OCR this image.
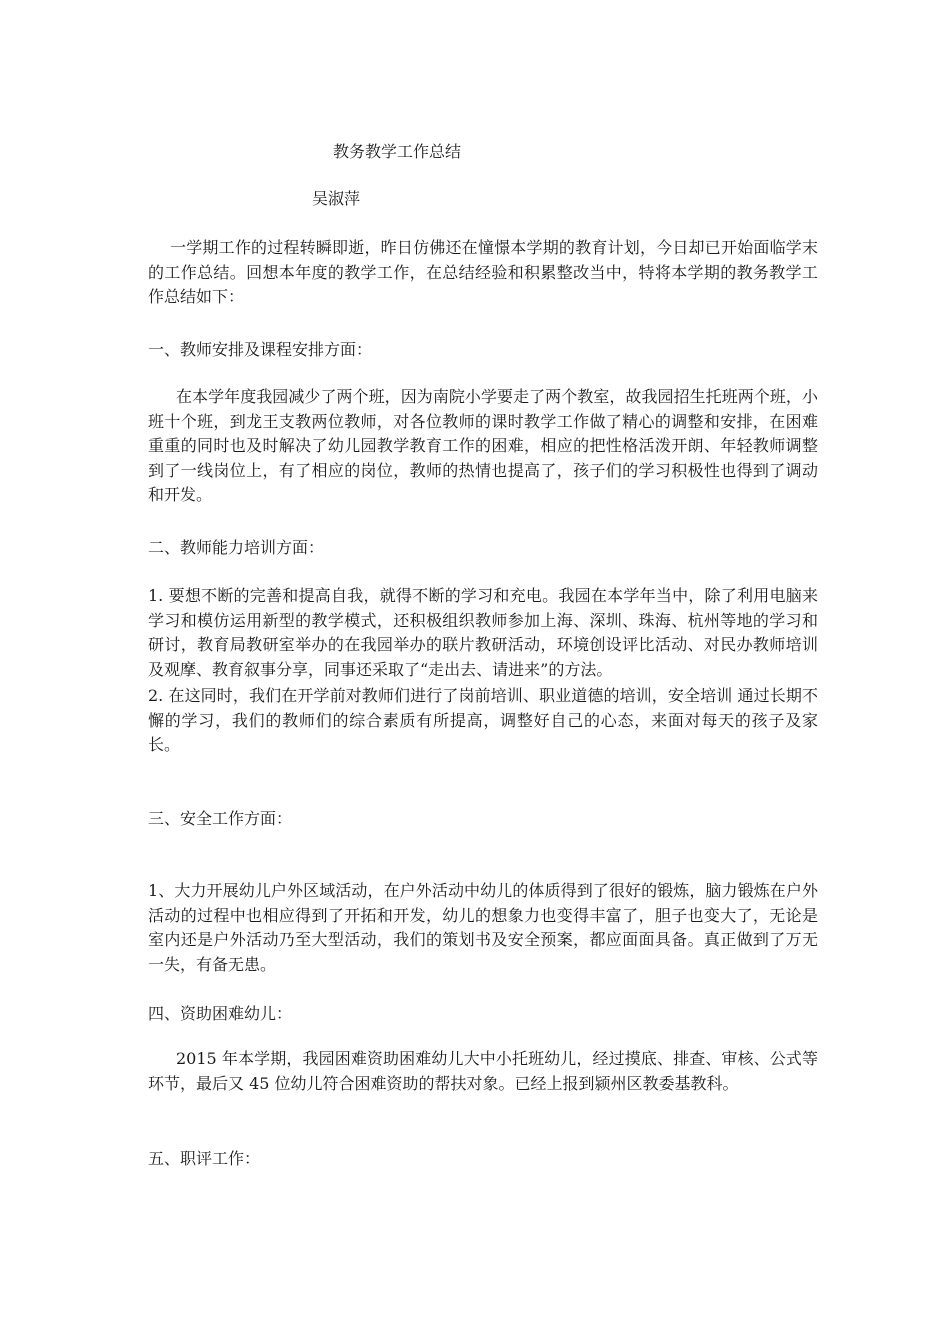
教务教学工作总结
吴淑萍
一学期工作的过程转瞬即逝，昨日仿佛还在憧憬本学期的教育计划，今日却已开始面临学末的工作总结。回想本年度的教学工作，在总结经验和积累整改当中，特将本学期的教务教学工作总结如下：
一、教师安排及课程安排方面：
在本学年度我园减少了两个班，因为南院小学要走了两个教室，故我园招生托班两个班，小班十个班，到龙王支教两位教师，对各位教师的课时教学工作做了精心的调整和安排，在困难重重的同时也及时解决了幼儿园教学教育工作的困难，相应的把性格活泼开朗、年轻教师调整到了一线岗位上，有了相应的岗位，教师的热情也提高了，孩子们的学习积极性也得到了调动和开发。
二、教师能力培训方面：
1. 要想不断的完善和提高自我，就得不断的学习和充电。我园在本学年当中，除了利用电脑来学习和模仿运用新型的教学模式，还积极组织教师参加上海、深圳、珠海、杭州等地的学习和研讨，教育局教研室举办的在我园举办的联片教研活动，环境创设评比活动、对民办教师培训及观摩、教育叙事分享，同事还采取了“走出去、请进来”的方法。
2. 在这同时，我们在开学前对教师们进行了岗前培训、职业道德的培训，安全培训 通过长期不懈的学习，我们的教师们的综合素质有所提高，调整好自己的心态，来面对每天的孩子及家长。
三、安全工作方面：
1、大力开展幼儿户外区域活动，在户外活动中幼儿的体质得到了很好的锻炼，脑力锻炼在户外活动的过程中也相应得到了开拓和开发，幼儿的想象力也变得丰富了，胆子也变大了，无论是室内还是户外活动乃至大型活动，我们的策划书及安全预案，都应面面具备。真正做到了万无一失，有备无患。
四、资助困难幼儿：
2015 年本学期，我园困难资助困难幼儿大中小托班幼儿，经过摸底、排查、审核、公式等环节，最后又 45 位幼儿符合困难资助的帮扶对象。已经上报到颍州区教委基教科。
五、职评工作：
